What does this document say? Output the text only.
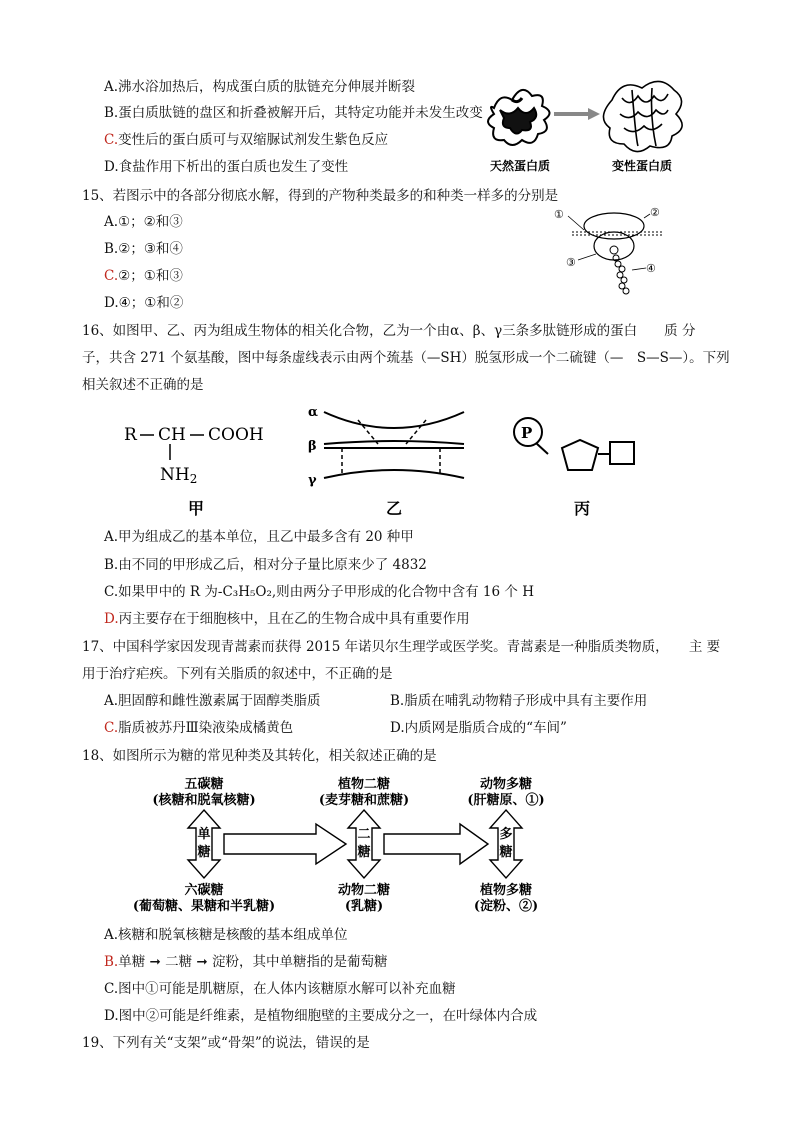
A.沸水浴加热后，构成蛋白质的肽链充分伸展并断裂
B.蛋白质肽链的盘区和折叠被解开后，其特定功能并未发生改变
C.变性后的蛋白质可与双缩脲试剂发生紫色反应
D.食盐作用下析出的蛋白质也发生了变性	天然蛋白质	变性蛋白质
15、若图示中的各部分彻底水解，得到的产物种类最多的和种类一样多的分别是
A.①；②和③
B.②；③和④
C.②；①和③
D.④；①和②
①	②
③	④
16、如图甲、乙、丙为组成生物体的相关化合物，乙为一个由α、β、γ三条多肽链形成的蛋白　　质 分
子，共含 271 个氨基酸，图中每条虚线表示由两个巯基（—SH）脱氢形成一个二硫键（—　S—S—）。下列
相关叙述不正确的是
R CH COOH
NH2
α
β
γ
P
甲	乙	丙
A.甲为组成乙的基本单位，且乙中最多含有 20 种甲
B.由不同的甲形成乙后，相对分子量比原来少了 4832
C.如果甲中的 R 为-C₃H₅O₂,则由两分子甲形成的化合物中含有 16 个 H
D.丙主要存在于细胞核中，且在乙的生物合成中具有重要作用
17、中国科学家因发现青蒿素而获得 2015 年诺贝尔生理学或医学奖。青蒿素是一种脂质类物质，　　主 要
用于治疗疟疾。下列有关脂质的叙述中，不正确的是
A.胆固醇和雌性激素属于固醇类脂质	B.脂质在哺乳动物精子形成中具有主要作用
C.脂质被苏丹Ⅲ染液染成橘黄色	D.内质网是脂质合成的“车间”
18、如图所示为糖的常见种类及其转化，相关叙述正确的是
五碳糖
(核糖和脱氧核糖)
植物二糖
(麦芽糖和蔗糖)
动物多糖
(肝糖原、①)
六碳糖
(葡萄糖、果糖和半乳糖)
动物二糖
(乳糖)
植物多糖
(淀粉、②)
单
糖
二
糖
多
糖
A.核糖和脱氧核糖是核酸的基本组成单位
B.单糖 ➞ 二糖 ➞ 淀粉，其中单糖指的是葡萄糖
C.图中①可能是肌糖原，在人体内该糖原水解可以补充血糖
D.图中②可能是纤维素，是植物细胞壁的主要成分之一，在叶绿体内合成
19、下列有关“支架”或“骨架”的说法，错误的是
